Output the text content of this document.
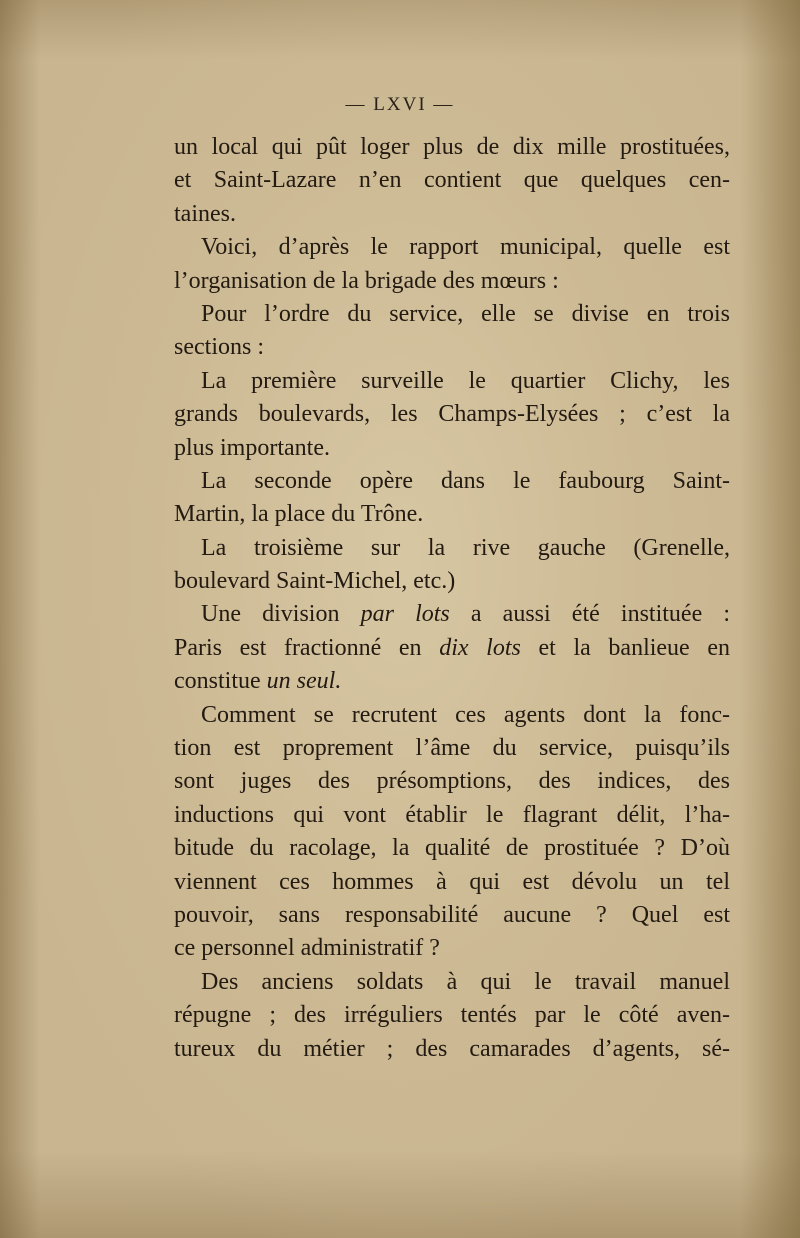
— LXVI —
un local qui pût loger plus de dix mille prostituées,
et Saint-Lazare n’en contient que quelques cen-
taines.
Voici, d’après le rapport municipal, quelle est
l’organisation de la brigade des mœurs :
Pour l’ordre du service, elle se divise en trois
sections :
La première surveille le quartier Clichy, les
grands boulevards, les Champs-Elysées ; c’est la
plus importante.
La seconde opère dans le faubourg Saint-
Martin, la place du Trône.
La troisième sur la rive gauche (Grenelle,
boulevard Saint-Michel, etc.)
Une division par lots a aussi été instituée :
Paris est fractionné en dix lots et la banlieue en
constitue un seul.
Comment se recrutent ces agents dont la fonc-
tion est proprement l’âme du service, puisqu’ils
sont juges des présomptions, des indices, des
inductions qui vont établir le flagrant délit, l’ha-
bitude du racolage, la qualité de prostituée ? D’où
viennent ces hommes à qui est dévolu un tel
pouvoir, sans responsabilité aucune ? Quel est
ce personnel administratif ?
Des anciens soldats à qui le travail manuel
répugne ; des irréguliers tentés par le côté aven-
tureux du métier ; des camarades d’agents, sé-
